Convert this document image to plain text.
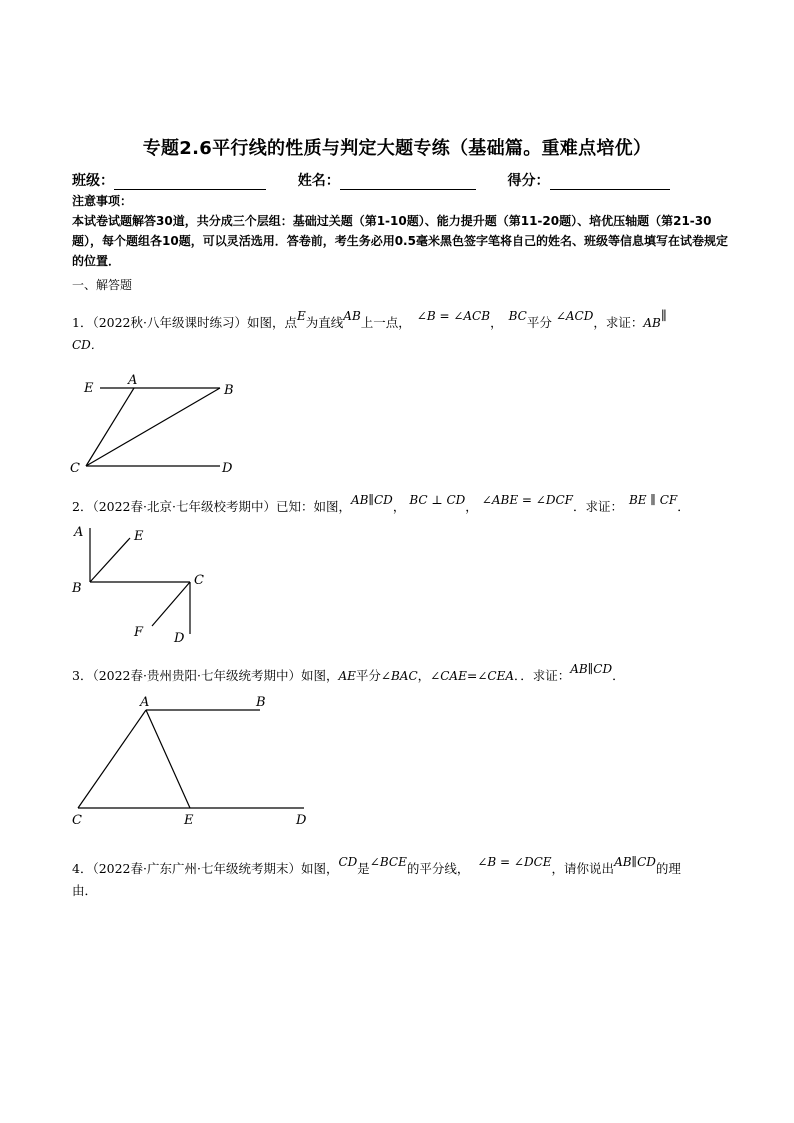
专题2.6平行线的性质与判定大题专练（基础篇。重难点培优）
班级：	姓名：	得分：
注意事项：
本试卷试题解答30道，共分成三个层组：基础过关题（第1-10题）、能力提升题（第11-20题）、培优压轴题（第21-30题），每个题组各10题，可以灵活选用．答卷前，考生务必用0.5毫米黑色签字笔将自己的姓名、班级等信息填写在试卷规定的位置．
一、解答题
1．（2022秋·八年级课时练习）如图，点E为直线AB上一点， ∠B = ∠ACB， BC平分 ∠ACD，求证：AB∥
CD．
E
A
B
C	D
2．（2022春·北京·七年级校考期中）已知：如图，AB∥CD， BC ⊥ CD， ∠ABE = ∠DCF．求证： BE ∥ CF．
A	E
B
C
F D
3．（2022春·贵州贵阳·七年级统考期中）如图，AE平分∠BAC，∠CAE=∠CEA．．求证：AB∥CD．
A	B
C	E	D
4．（2022春·广东广州·七年级统考期末）如图，CD是∠BCE的平分线， ∠B = ∠DCE，请你说出AB∥CD的理
由．
